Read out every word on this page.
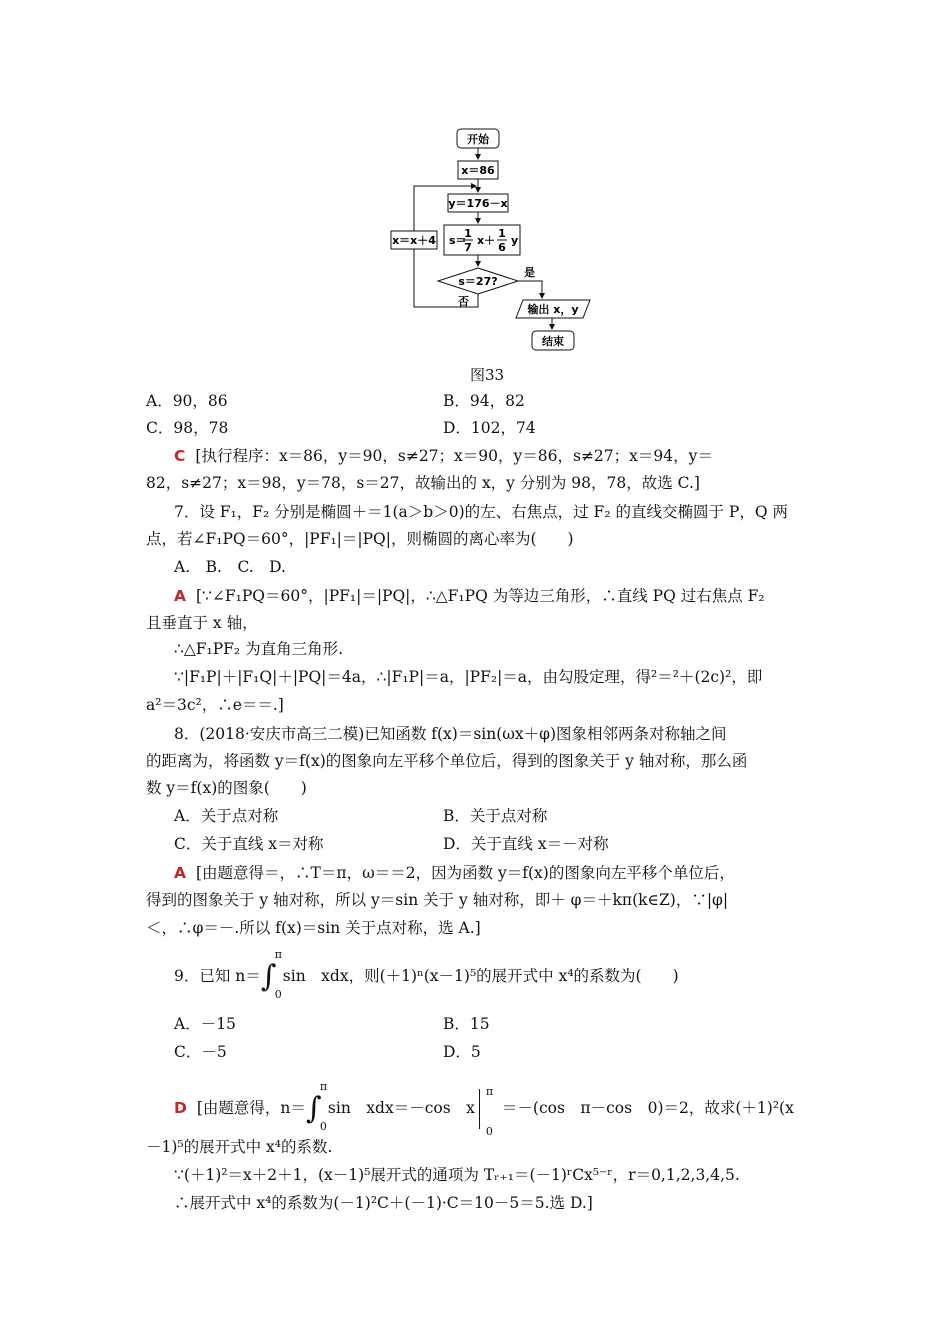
开始
x＝86
y＝176－x
s＝
1
7
x＋
1
6
y
x＝x＋4
s＝27?
是
否
输出 x，y
结束
图33
A．90，86	B．94，82
C．98，78	D．102，74
C [执行程序：x＝86，y＝90，s≠27；x＝90，y＝86，s≠27；x＝94，y＝
82，s≠27；x＝98，y＝78，s＝27，故输出的 x，y 分别为 98，78，故选 C.]
7．设 F₁，F₂ 分别是椭圆＋＝1(a＞b＞0)的左、右焦点，过 F₂ 的直线交椭圆于 P，Q 两
点，若∠F₁PQ＝60°，|PF₁|＝|PQ|，则椭圆的离心率为(　　)
A.　B.　C.　D.
A [∵∠F₁PQ＝60°，|PF₁|＝|PQ|，∴△F₁PQ 为等边三角形，∴直线 PQ 过右焦点 F₂
且垂直于 x 轴，
∴△F₁PF₂ 为直角三角形.
∵|F₁P|＋|F₁Q|＋|PQ|＝4a，∴|F₁P|＝a，|PF₂|＝a，由勾股定理，得²＝²＋(2c)²，即
a²＝3c²，∴e＝＝.]
8．(2018·安庆市高三二模)已知函数 f(x)＝sin(ωx＋φ)图象相邻两条对称轴之间
的距离为，将函数 y＝f(x)的图象向左平移个单位后，得到的图象关于 y 轴对称，那么函
数 y＝f(x)的图象(　　)
A．关于点对称	B．关于点对称
C．关于直线 x＝对称	D．关于直线 x＝－对称
A [由题意得＝，∴T＝π，ω＝＝2，因为函数 y＝f(x)的图象向左平移个单位后，
得到的图象关于 y 轴对称，所以 y＝sin 关于 y 轴对称，即＋ φ＝＋kπ(k∈Z)，∵|φ|
＜，∴φ＝－.所以 f(x)＝sin 关于点对称，选 A.]
9．已知 n＝∫
π
0
sin　xdx，则(＋1)ⁿ(x－1)⁵的展开式中 x⁴的系数为(　　)
A．－15	B．15
C．－5	D．5
D [由题意得，n＝∫
π
0
sin　xdx＝－cos　x
π
0
＝－(cos　π－cos　0)＝2，故求(＋1)²(x
－1)⁵的展开式中 x⁴的系数.
∵(＋1)²＝x＋2＋1，(x－1)⁵展开式的通项为 Tᵣ₊₁＝(－1)ʳCx⁵⁻ʳ，r＝0,1,2,3,4,5.
∴展开式中 x⁴的系数为(－1)²C＋(－1)·C＝10－5＝5.选 D.]
